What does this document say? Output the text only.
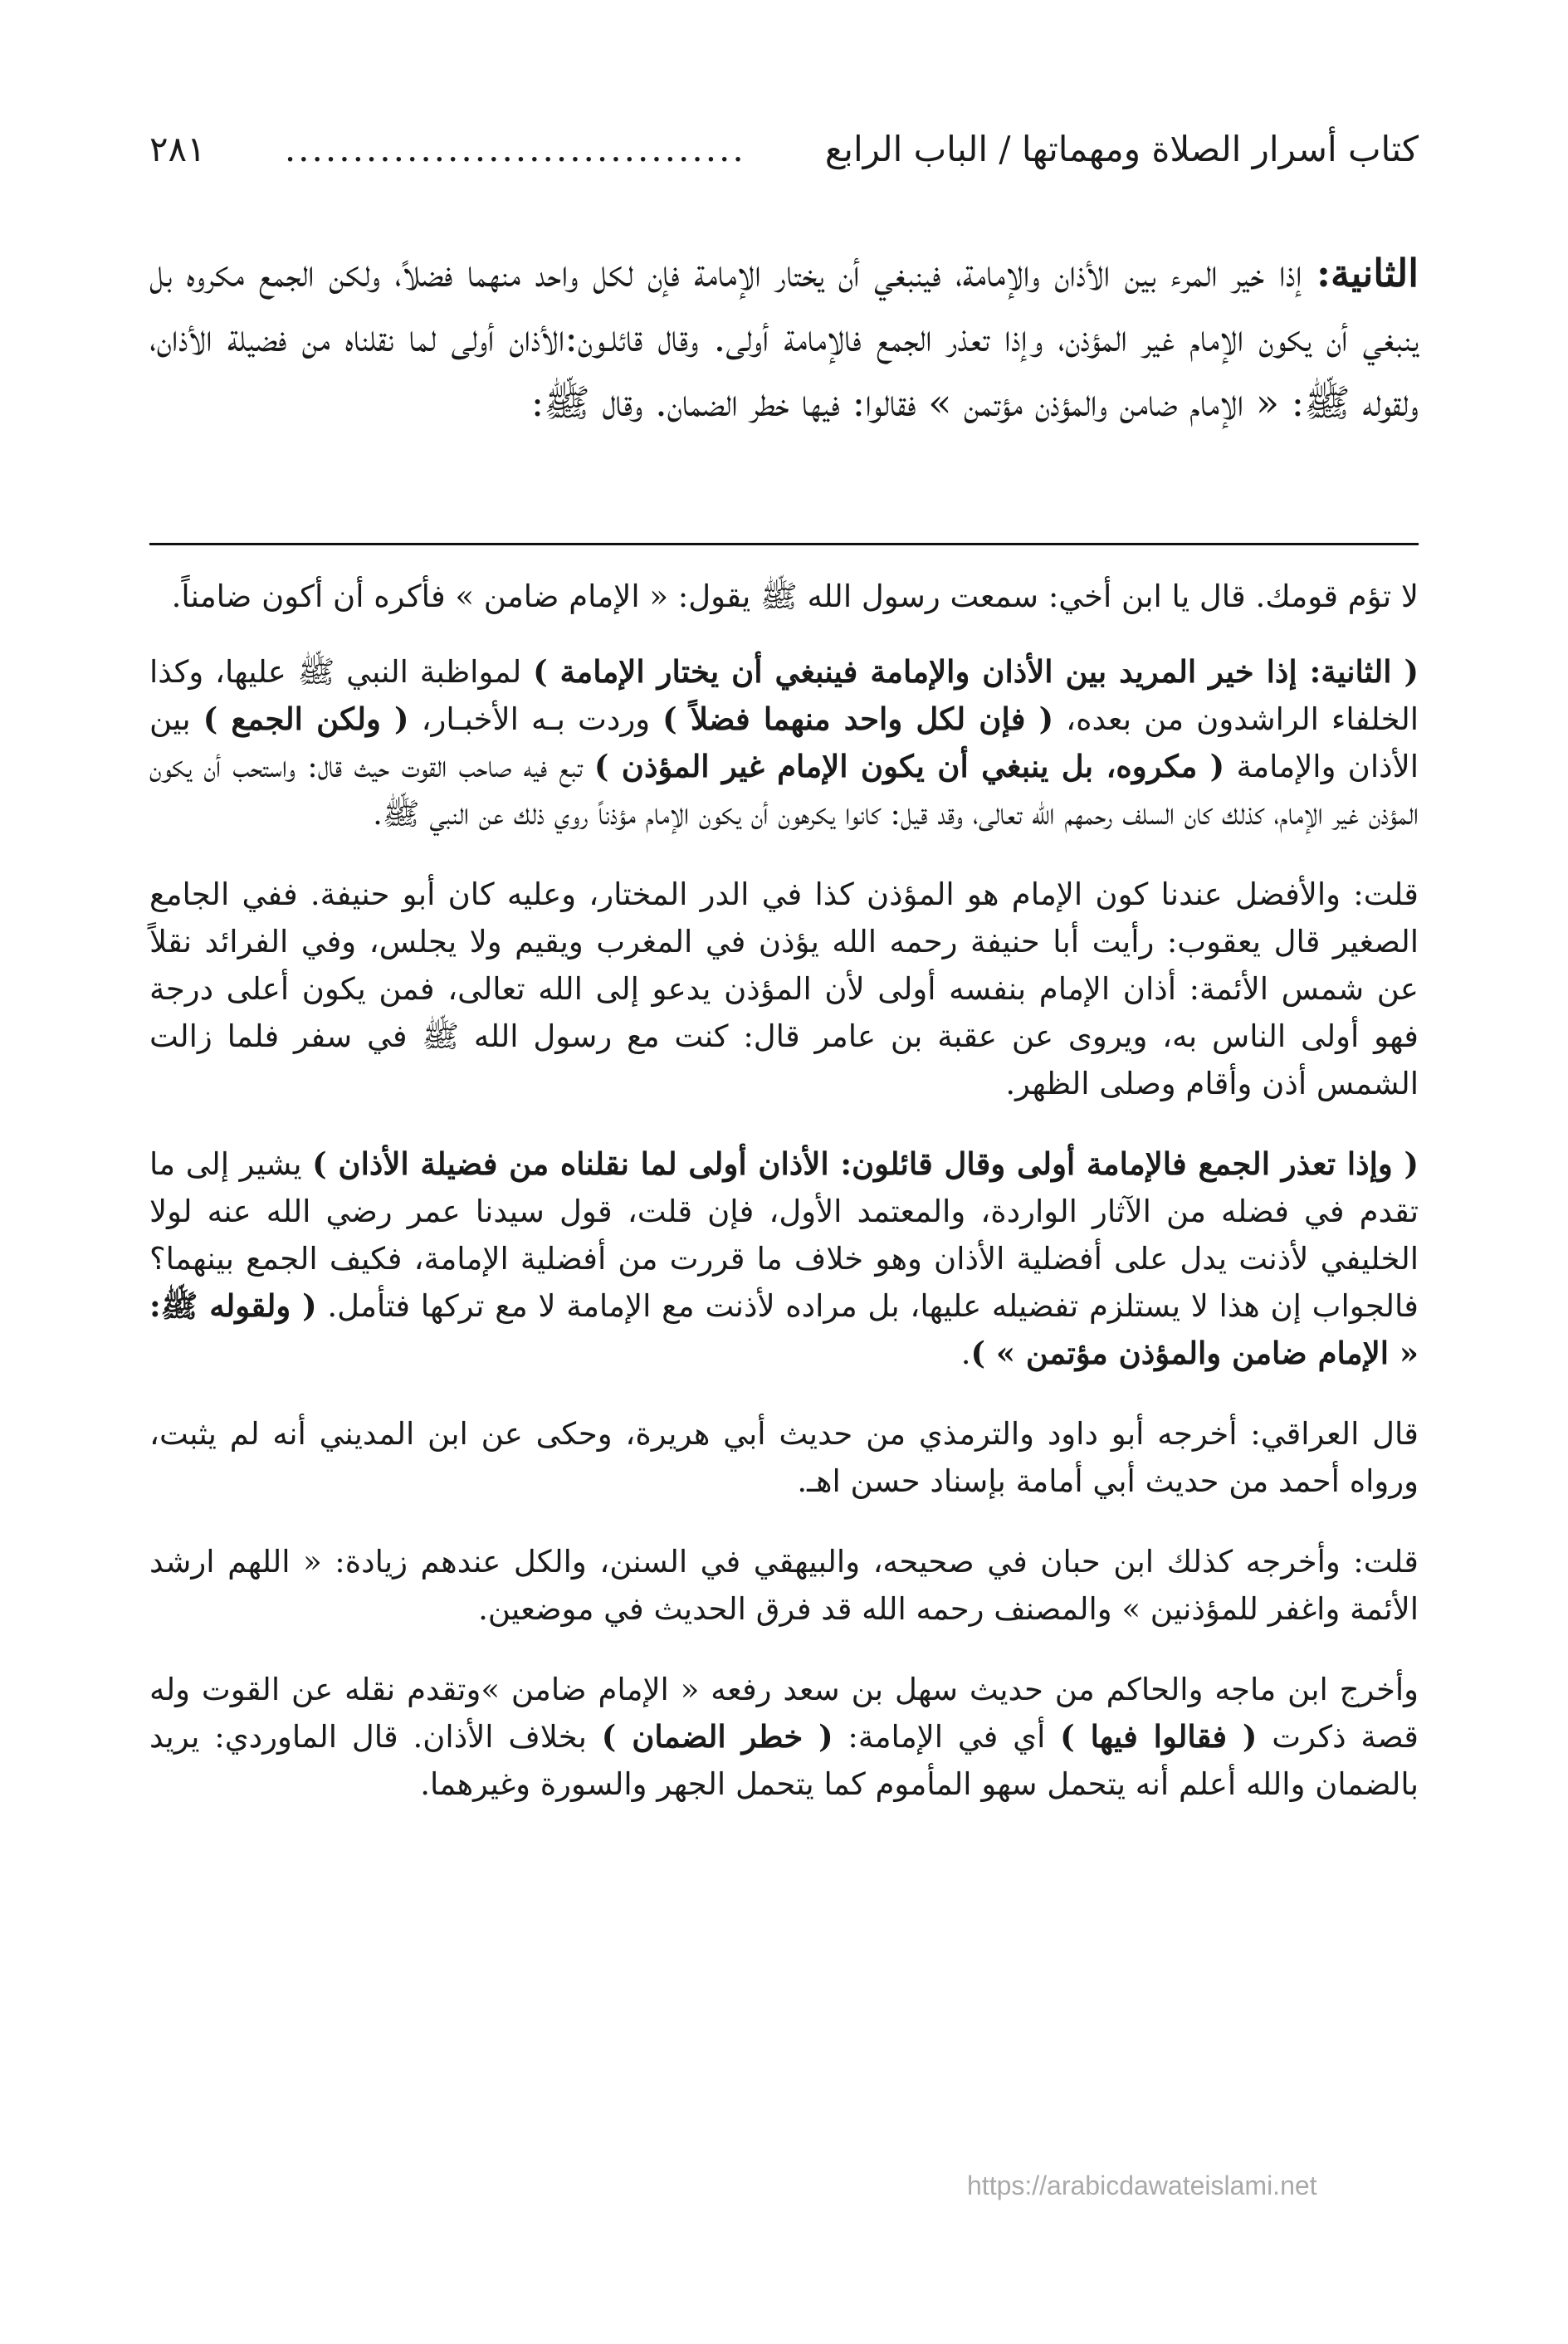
كتاب أسرار الصلاة ومهماتها / الباب الرابع
..................................
٢٨١

الثانية: إذا خير المرء بين الأذان والإمامة، فينبغي أن يختار الإمامة فإن لكل واحد منهما فضلاً، ولكن الجمع مكروه بل ينبغي أن يكون الإمام غير المؤذن، وإذا تعذر الجمع فالإمامة أولى. وقال قائلـون:الأذان أولى لما نقلناه من فضيلة الأذان، ولقوله ﷺ: « الإمام ضامن والمؤذن مؤتمن » فقالوا: فيها خطر الضمان. وقال ﷺ:

لا تؤم قومك. قال يا ابن أخي: سمعت رسول الله ﷺ يقول: « الإمام ضامن » فأكره أن أكون ضامناً.

( الثانية: إذا خير المريد بين الأذان والإمامة فينبغي أن يختار الإمامة ) لمواظبة النبي ﷺ عليها، وكذا الخلفاء الراشدون من بعده، ( فإن لكل واحد منهما فضلاً ) وردت بـه الأخبـار، ( ولكن الجمع ) بين الأذان والإمامة ( مكروه، بل ينبغي أن يكون الإمام غير المؤذن ) تبع فيه صاحب القوت حيث قال: واستحب أن يكون المؤذن غير الإمام، كذلك كان السلف رحمهم الله تعالى، وقد قيل: كانوا يكرهون أن يكون الإمام مؤذناً روي ذلك عن النبي ﷺ.

قلت: والأفضل عندنا كون الإمام هو المؤذن كذا في الدر المختار، وعليه كان أبو حنيفة. ففي الجامع الصغير قال يعقوب: رأيت أبا حنيفة رحمه الله يؤذن في المغرب ويقيم ولا يجلس، وفي الفرائد نقلاً عن شمس الأئمة: أذان الإمام بنفسه أولى لأن المؤذن يدعو إلى الله تعالى، فمن يكون أعلى درجة فهو أولى الناس به، ويروى عن عقبة بن عامر قال: كنت مع رسول الله ﷺ في سفر فلما زالت الشمس أذن وأقام وصلى الظهر.

( وإذا تعذر الجمع فالإمامة أولى وقال قائلون: الأذان أولى لما نقلناه من فضيلة الأذان ) يشير إلى ما تقدم في فضله من الآثار الواردة، والمعتمد الأول، فإن قلت، قول سيدنا عمر رضي الله عنه لولا الخليفي لأذنت يدل على أفضلية الأذان وهو خلاف ما قررت من أفضلية الإمامة، فكيف الجمع بينهما؟ فالجواب إن هذا لا يستلزم تفضيله عليها، بل مراده لأذنت مع الإمامة لا مع تركها فتأمل. ( ولقوله ﷺ: « الإمام ضامن والمؤذن مؤتمن » ).

قال العراقي: أخرجه أبو داود والترمذي من حديث أبي هريرة، وحكى عن ابن المديني أنه لم يثبت، ورواه أحمد من حديث أبي أمامة بإسناد حسن اهـ.

قلت: وأخرجه كذلك ابن حبان في صحيحه، والبيهقي في السنن، والكل عندهم زيادة: « اللهم ارشد الأئمة واغفر للمؤذنين » والمصنف رحمه الله قد فرق الحديث في موضعين.

وأخرج ابن ماجه والحاكم من حديث سهل بن سعد رفعه « الإمام ضامن »وتقدم نقله عن القوت وله قصة ذكرت ( فقالوا فيها ) أي في الإمامة: ( خطر الضمان ) بخلاف الأذان. قال الماوردي: يريد بالضمان والله أعلم أنه يتحمل سهو المأموم كما يتحمل الجهر والسورة وغيرهما.

https://arabicdawateislami.net
